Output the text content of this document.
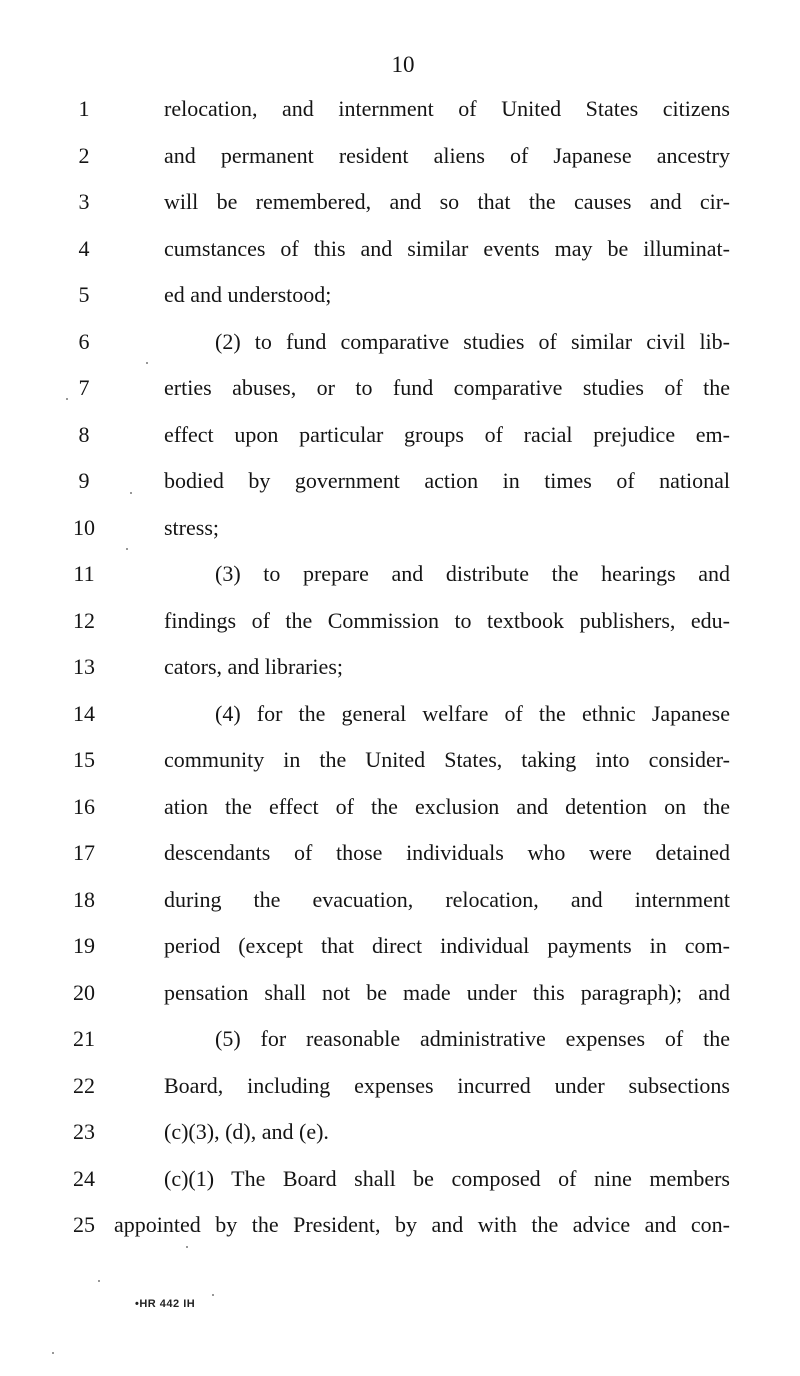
10
1
2
3
4
5
6
7
8
9
10
11
12
13
14
15
16
17
18
19
20
21
22
23
24
25
relocation, and internment of United States citizens
and permanent resident aliens of Japanese ancestry
will be remembered, and so that the causes and cir-
cumstances of this and similar events may be illuminat-
ed and understood;
(2) to fund comparative studies of similar civil lib-
erties abuses, or to fund comparative studies of the
effect upon particular groups of racial prejudice em-
bodied by government action in times of national
stress;
(3) to prepare and distribute the hearings and
findings of the Commission to textbook publishers, edu-
cators, and libraries;
(4) for the general welfare of the ethnic Japanese
community in the United States, taking into consider-
ation the effect of the exclusion and detention on the
descendants of those individuals who were detained
during the evacuation, relocation, and internment
period (except that direct individual payments in com-
pensation shall not be made under this paragraph); and
(5) for reasonable administrative expenses of the
Board, including expenses incurred under subsections
(c)(3), (d), and (e).
(c)(1) The Board shall be composed of nine members
appointed by the President, by and with the advice and con-
•HR 442 IH
